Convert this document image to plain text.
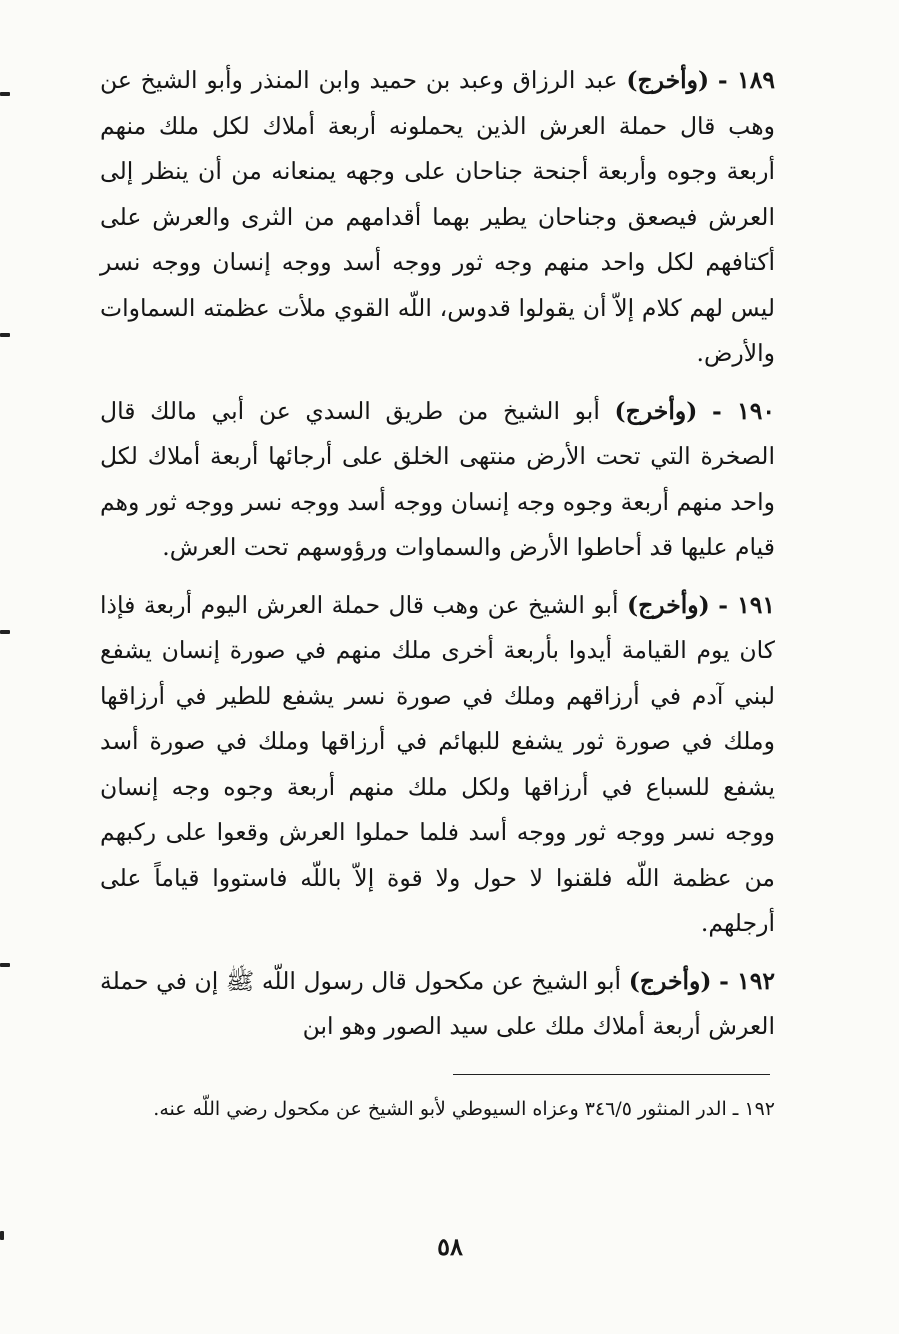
١٨٩ - (وأخرج) عبد الرزاق وعبد بن حميد وابن المنذر وأبو الشيخ عن وهب قال حملة العرش الذين يحملونه أربعة أملاك لكل ملك منهم أربعة وجوه وأربعة أجنحة جناحان على وجهه يمنعانه من أن ينظر إلى العرش فيصعق وجناحان يطير بهما أقدامهم من الثرى والعرش على أكتافهم لكل واحد منهم وجه ثور ووجه أسد ووجه إنسان ووجه نسر ليس لهم كلام إلاّ أن يقولوا قدوس، اللّه القوي ملأت عظمته السماوات والأرض.

١٩٠ - (وأخرج) أبو الشيخ من طريق السدي عن أبي مالك قال الصخرة التي تحت الأرض منتهى الخلق على أرجائها أربعة أملاك لكل واحد منهم أربعة وجوه وجه إنسان ووجه أسد ووجه نسر ووجه ثور وهم قيام عليها قد أحاطوا الأرض والسماوات ورؤوسهم تحت العرش.

١٩١ - (وأخرج) أبو الشيخ عن وهب قال حملة العرش اليوم أربعة فإذا كان يوم القيامة أيدوا بأربعة أخرى ملك منهم في صورة إنسان يشفع لبني آدم في أرزاقهم وملك في صورة نسر يشفع للطير في أرزاقها وملك في صورة ثور يشفع للبهائم في أرزاقها وملك في صورة أسد يشفع للسباع في أرزاقها ولكل ملك منهم أربعة وجوه وجه إنسان ووجه نسر ووجه ثور ووجه أسد فلما حملوا العرش وقعوا على ركبهم من عظمة اللّه فلقنوا لا حول ولا قوة إلاّ باللّه فاستووا قياماً على أرجلهم.

١٩٢ - (وأخرج) أبو الشيخ عن مكحول قال رسول اللّه ﷺ إن في حملة العرش أربعة أملاك ملك على سيد الصور وهو ابن

١٩٢ ـ الدر المنثور ٣٤٦/٥ وعزاه السيوطي لأبو الشيخ عن مكحول رضي اللّه عنه.

٥٨
